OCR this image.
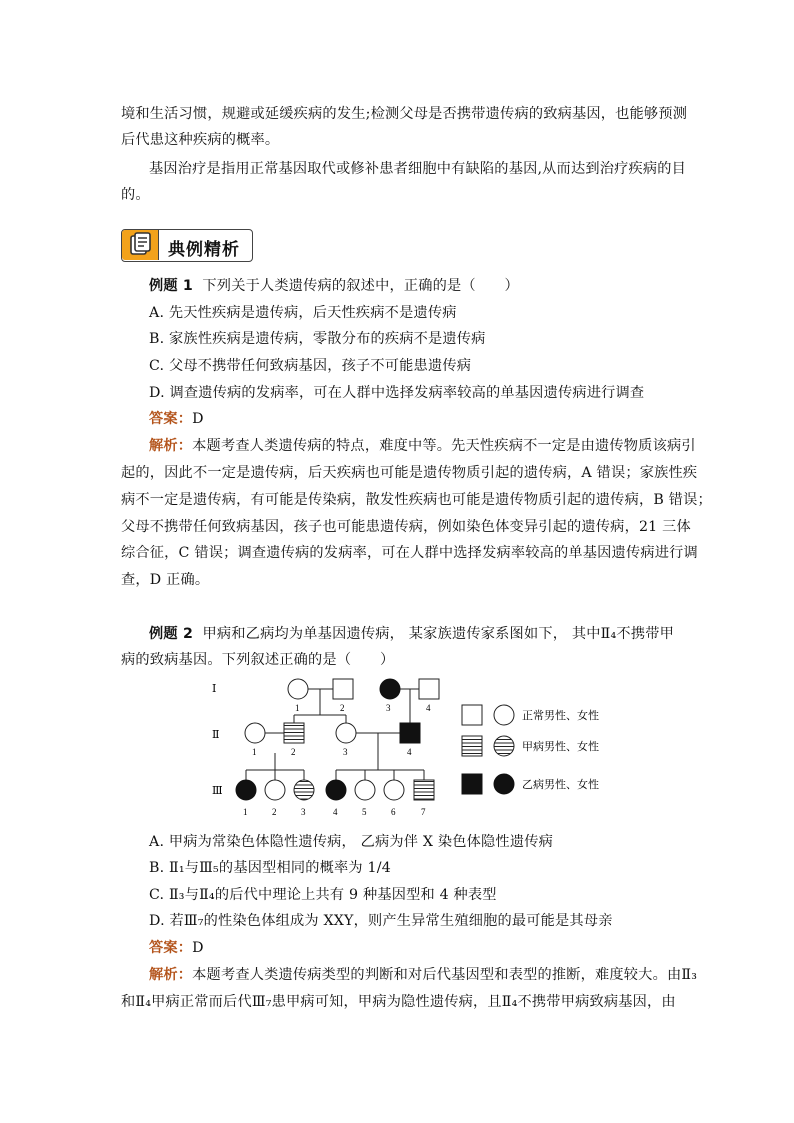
境和生活习惯，规避或延缓疾病的发生;检测父母是否携带遗传病的致病基因，也能够预测
后代患这种疾病的概率。
基因治疗是指用正常基因取代或修补患者细胞中有缺陷的基因,从而达到治疗疾病的目
的。
典例精析
例题 1 下列关于人类遗传病的叙述中，正确的是（　　）
A. 先天性疾病是遗传病，后天性疾病不是遗传病
B. 家族性疾病是遗传病，零散分布的疾病不是遗传病
C. 父母不携带任何致病基因，孩子不可能患遗传病
D. 调查遗传病的发病率，可在人群中选择发病率较高的单基因遗传病进行调查
答案：D
解析：本题考查人类遗传病的特点，难度中等。先天性疾病不一定是由遗传物质该病引
起的，因此不一定是遗传病，后天疾病也可能是遗传物质引起的遗传病，A 错误；家族性疾
病不一定是遗传病，有可能是传染病，散发性疾病也可能是遗传物质引起的遗传病，B 错误；
父母不携带任何致病基因，孩子也可能患遗传病，例如染色体变异引起的遗传病，21 三体
综合征，C 错误；调查遗传病的发病率，可在人群中选择发病率较高的单基因遗传病进行调
查，D 正确。
例题 2 甲病和乙病均为单基因遗传病， 某家族遗传家系图如下， 其中Ⅱ₄不携带甲
病的致病基因。下列叙述正确的是（　　）
Ⅰ
Ⅱ
Ⅲ
1	2	3	4
1	2	3	4
1	2	3	4	5	6	7
正常男性、女性
甲病男性、女性
乙病男性、女性
A. 甲病为常染色体隐性遗传病， 乙病为伴 X 染色体隐性遗传病
B. Ⅱ₁与Ⅲ₅的基因型相同的概率为 1/4
C. Ⅱ₃与Ⅱ₄的后代中理论上共有 9 种基因型和 4 种表型
D. 若Ⅲ₇的性染色体组成为 XXY，则产生异常生殖细胞的最可能是其母亲
答案：D
解析：本题考查人类遗传病类型的判断和对后代基因型和表型的推断，难度较大。由Ⅱ₃
和Ⅱ₄甲病正常而后代Ⅲ₇患甲病可知，甲病为隐性遗传病，且Ⅱ₄不携带甲病致病基因，由
